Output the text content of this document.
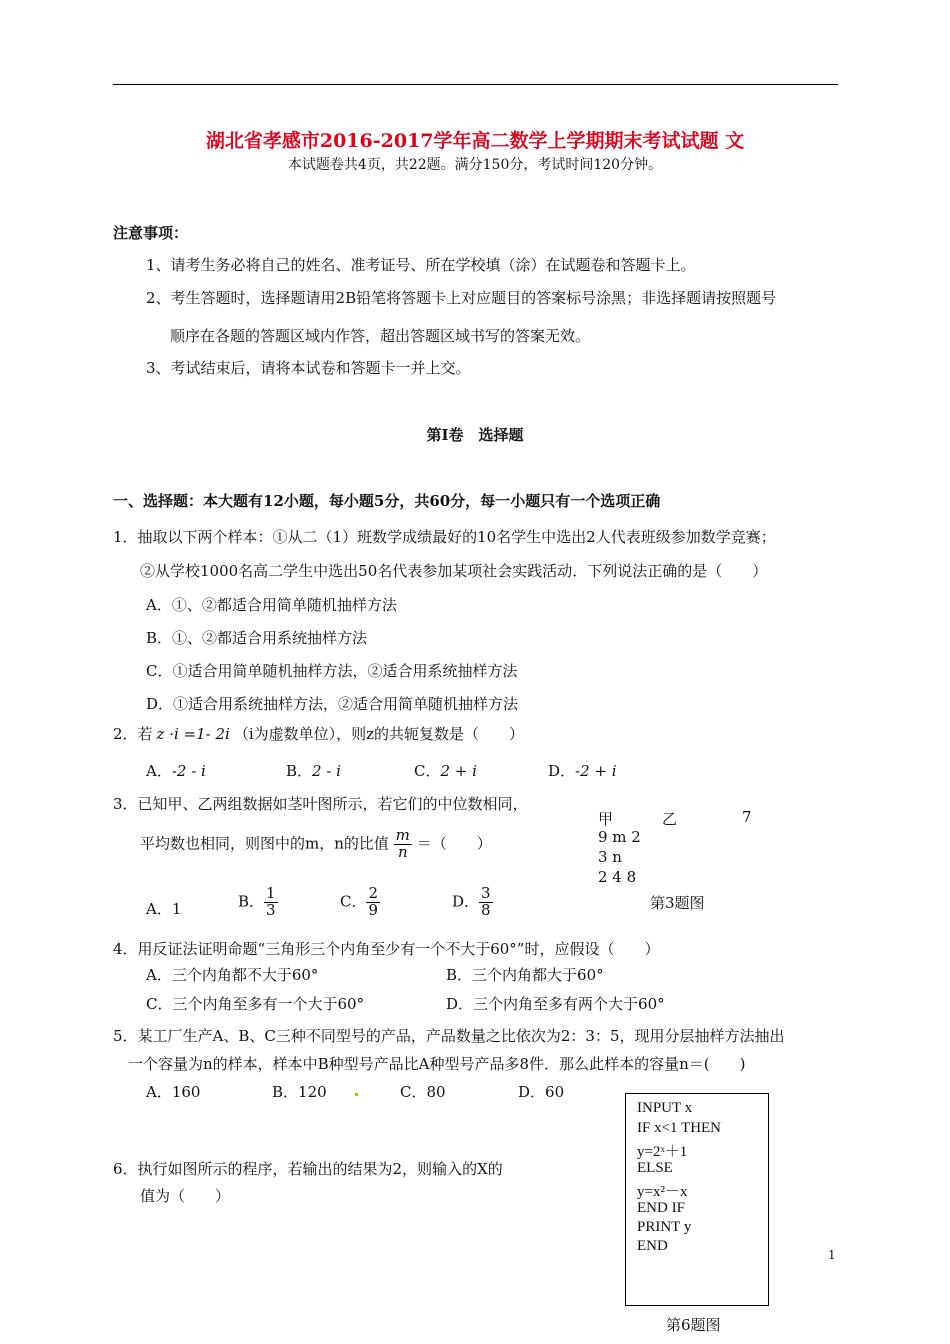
湖北省孝感市2016-2017学年高二数学上学期期末考试试题 文
本试题卷共4页，共22题。满分150分，考试时间120分钟。
注意事项：
1、请考生务必将自己的姓名、准考证号、所在学校填（涂）在试题卷和答题卡上。
2、考生答题时，选择题请用2B铅笔将答题卡上对应题目的答案标号涂黑；非选择题请按照题号
顺序在各题的答题区域内作答，超出答题区域书写的答案无效。
3、考试结束后，请将本试卷和答题卡一并上交。
第Ⅰ卷　选择题
一、选择题：本大题有12小题，每小题5分，共60分，每一小题只有一个选项正确
1．抽取以下两个样本：①从二（1）班数学成绩最好的10名学生中选出2人代表班级参加数学竞赛；
②从学校1000名高二学生中选出50名代表参加某项社会实践活动．下列说法正确的是（　　）
A．①、②都适合用简单随机抽样方法
B．①、②都适合用系统抽样方法
C．①适合用简单随机抽样方法，②适合用系统抽样方法
D．①适合用系统抽样方法，②适合用简单随机抽样方法
2．若 z ·i =1- 2i （i为虚数单位），则z的共轭复数是（　　）
A．-2 - i	B．2 - i	C．2 + i	D．-2 + i
3．已知甲、乙两组数据如茎叶图所示，若它们的中位数相同，
平均数也相同，则图中的m，n的比值 $\frac{m}{n}$ ＝（　　）
甲	乙	7
9 m 2
3 n
2 4 8
第3题图
A．1	B． $\frac{1}{3}$	C． $\frac{2}{9}$	D． $\frac{3}{8}$
4．用反证法证明命题“三角形三个内角至少有一个不大于60°”时，应假设（　　）
A．三个内角都不大于60°	B．三个内角都大于60°
C．三个内角至多有一个大于60°	D．三个内角至多有两个大于60°
5．某工厂生产A、B、C三种不同型号的产品，产品数量之比依次为2：3：5，现用分层抽样方法抽出
一个容量为n的样本，样本中B种型号产品比A种型号产品多8件．那么此样本的容量n＝(　　)
A．160	B．120	C．80	D．60
6．执行如图所示的程序，若输出的结果为2，则输入的X的
值为（　　）
INPUT x
IF x<1 THEN
y=2ˣ＋1
ELSE
y=x²－x
END IF
PRINT y
END
第6题图
1
